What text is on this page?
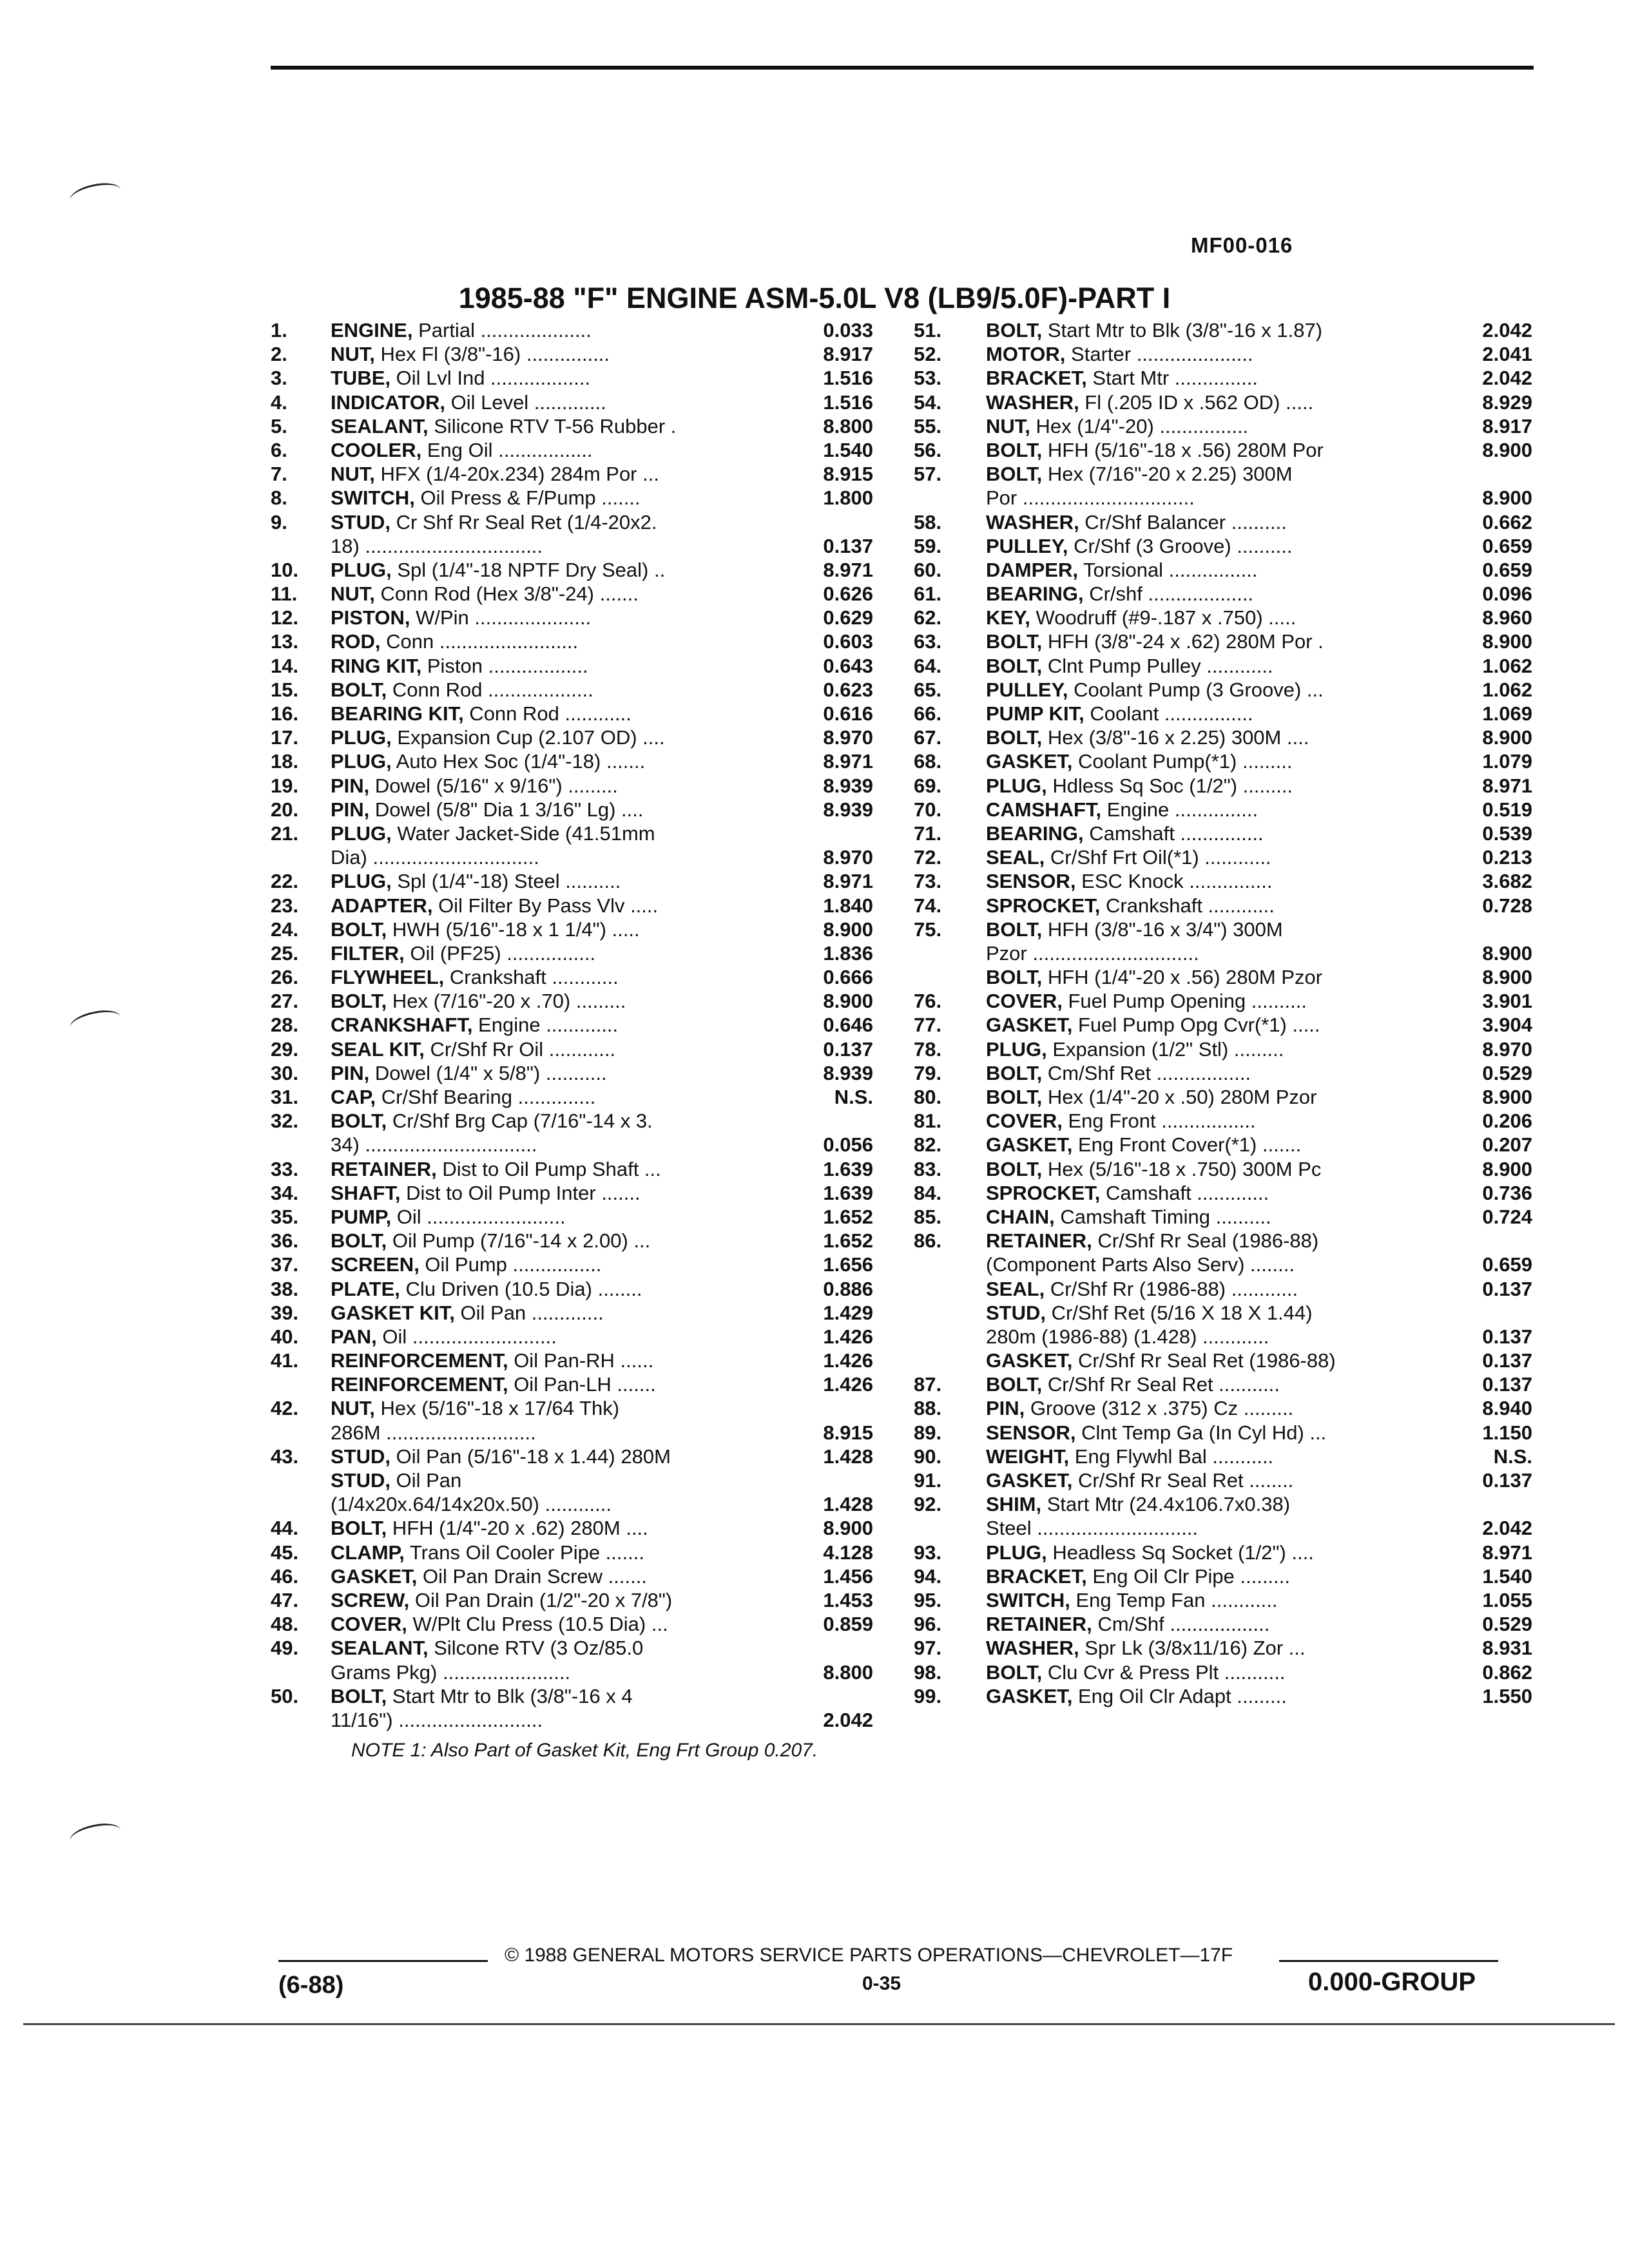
MF00-016
1985-88 "F" ENGINE ASM-5.0L V8 (LB9/5.0F)-PART I
1. ENGINE, Partial ....................	0.033
2. NUT, Hex Fl (3/8"-16) ...............	8.917
3. TUBE, Oil Lvl Ind ..................	1.516
4. INDICATOR, Oil Level .............	1.516
5. SEALANT, Silicone RTV T-56 Rubber .	8.800
6. COOLER, Eng Oil .................	1.540
7. NUT, HFX (1/4-20x.234) 284m Por ...	8.915
8. SWITCH, Oil Press & F/Pump .......	1.800
9. STUD, Cr Shf Rr Seal Ret (1/4-20x2.
18) ................................	0.137
10. PLUG, Spl (1/4"-18 NPTF Dry Seal) ..	8.971
11. NUT, Conn Rod (Hex 3/8"-24) .......	0.626
12. PISTON, W/Pin .....................	0.629
13. ROD, Conn .........................	0.603
14. RING KIT, Piston ..................	0.643
15. BOLT, Conn Rod ...................	0.623
16. BEARING KIT, Conn Rod ............	0.616
17. PLUG, Expansion Cup (2.107 OD) ....	8.970
18. PLUG, Auto Hex Soc (1/4"-18) .......	8.971
19. PIN, Dowel (5/16" x 9/16") .........	8.939
20. PIN, Dowel (5/8" Dia 1 3/16" Lg) ....	8.939
21. PLUG, Water Jacket-Side (41.51mm
Dia) ..............................	8.970
22. PLUG, Spl (1/4"-18) Steel ..........	8.971
23. ADAPTER, Oil Filter By Pass Vlv .....	1.840
24. BOLT, HWH (5/16"-18 x 1 1/4") .....	8.900
25. FILTER, Oil (PF25) ................	1.836
26. FLYWHEEL, Crankshaft ............	0.666
27. BOLT, Hex (7/16"-20 x .70) .........	8.900
28. CRANKSHAFT, Engine .............	0.646
29. SEAL KIT, Cr/Shf Rr Oil ............	0.137
30. PIN, Dowel (1/4" x 5/8") ...........	8.939
31. CAP, Cr/Shf Bearing ..............	N.S.
32. BOLT, Cr/Shf Brg Cap (7/16"-14 x 3.
34) ...............................	0.056
33. RETAINER, Dist to Oil Pump Shaft ...	1.639
34. SHAFT, Dist to Oil Pump Inter .......	1.639
35. PUMP, Oil .........................	1.652
36. BOLT, Oil Pump (7/16"-14 x 2.00) ...	1.652
37. SCREEN, Oil Pump ................	1.656
38. PLATE, Clu Driven (10.5 Dia) ........	0.886
39. GASKET KIT, Oil Pan .............	1.429
40. PAN, Oil ..........................	1.426
41. REINFORCEMENT, Oil Pan-RH ......	1.426
REINFORCEMENT, Oil Pan-LH .......	1.426
42. NUT, Hex (5/16"-18 x 17/64 Thk)
286M ...........................	8.915
43. STUD, Oil Pan (5/16"-18 x 1.44) 280M	1.428
STUD, Oil Pan
(1/4x20x.64/14x20x.50) ............	1.428
44. BOLT, HFH (1/4"-20 x .62) 280M ....	8.900
45. CLAMP, Trans Oil Cooler Pipe .......	4.128
46. GASKET, Oil Pan Drain Screw .......	1.456
47. SCREW, Oil Pan Drain (1/2"-20 x 7/8")	1.453
48. COVER, W/Plt Clu Press (10.5 Dia) ...	0.859
49. SEALANT, Silcone RTV (3 Oz/85.0
Grams Pkg) .......................	8.800
50. BOLT, Start Mtr to Blk (3/8"-16 x 4
11/16") ..........................	2.042
51. BOLT, Start Mtr to Blk (3/8"-16 x 1.87)	2.042
52. MOTOR, Starter .....................	2.041
53. BRACKET, Start Mtr ...............	2.042
54. WASHER, Fl (.205 ID x .562 OD) .....	8.929
55. NUT, Hex (1/4"-20) ................	8.917
56. BOLT, HFH (5/16"-18 x .56) 280M Por	8.900
57. BOLT, Hex (7/16"-20 x 2.25) 300M
Por ...............................	8.900
58. WASHER, Cr/Shf Balancer ..........	0.662
59. PULLEY, Cr/Shf (3 Groove) ..........	0.659
60. DAMPER, Torsional ................	0.659
61. BEARING, Cr/shf ...................	0.096
62. KEY, Woodruff (#9-.187 x .750) .....	8.960
63. BOLT, HFH (3/8"-24 x .62) 280M Por .	8.900
64. BOLT, Clnt Pump Pulley ............	1.062
65. PULLEY, Coolant Pump (3 Groove) ...	1.062
66. PUMP KIT, Coolant ................	1.069
67. BOLT, Hex (3/8"-16 x 2.25) 300M ....	8.900
68. GASKET, Coolant Pump(*1) .........	1.079
69. PLUG, Hdless Sq Soc (1/2") .........	8.971
70. CAMSHAFT, Engine ...............	0.519
71. BEARING, Camshaft ...............	0.539
72. SEAL, Cr/Shf Frt Oil(*1) ............	0.213
73. SENSOR, ESC Knock ...............	3.682
74. SPROCKET, Crankshaft ............	0.728
75. BOLT, HFH (3/8"-16 x 3/4") 300M
Pzor ..............................	8.900
BOLT, HFH (1/4"-20 x .56) 280M Pzor	8.900
76. COVER, Fuel Pump Opening ..........	3.901
77. GASKET, Fuel Pump Opg Cvr(*1) .....	3.904
78. PLUG, Expansion (1/2" Stl) .........	8.970
79. BOLT, Cm/Shf Ret .................	0.529
80. BOLT, Hex (1/4"-20 x .50) 280M Pzor	8.900
81. COVER, Eng Front .................	0.206
82. GASKET, Eng Front Cover(*1) .......	0.207
83. BOLT, Hex (5/16"-18 x .750) 300M Pc	8.900
84. SPROCKET, Camshaft .............	0.736
85. CHAIN, Camshaft Timing ..........	0.724
86. RETAINER, Cr/Shf Rr Seal (1986-88)
(Component Parts Also Serv) ........	0.659
SEAL, Cr/Shf Rr (1986-88) ............	0.137
STUD, Cr/Shf Ret (5/16 X 18 X 1.44)
280m (1986-88) (1.428) ............	0.137
GASKET, Cr/Shf Rr Seal Ret (1986-88)	0.137
87. BOLT, Cr/Shf Rr Seal Ret ...........	0.137
88. PIN, Groove (312 x .375) Cz .........	8.940
89. SENSOR, Clnt Temp Ga (In Cyl Hd) ...	1.150
90. WEIGHT, Eng Flywhl Bal ...........	N.S.
91. GASKET, Cr/Shf Rr Seal Ret ........	0.137
92. SHIM, Start Mtr (24.4x106.7x0.38)
Steel .............................	2.042
93. PLUG, Headless Sq Socket (1/2") ....	8.971
94. BRACKET, Eng Oil Clr Pipe .........	1.540
95. SWITCH, Eng Temp Fan ............	1.055
96. RETAINER, Cm/Shf ..................	0.529
97. WASHER, Spr Lk (3/8x11/16) Zor ...	8.931
98. BOLT, Clu Cvr & Press Plt ...........	0.862
99. GASKET, Eng Oil Clr Adapt .........	1.550
NOTE 1: Also Part of Gasket Kit, Eng Frt Group 0.207.
© 1988 GENERAL MOTORS SERVICE PARTS OPERATIONS—CHEVROLET—17F
(6-88)	0-35	0.000-GROUP
